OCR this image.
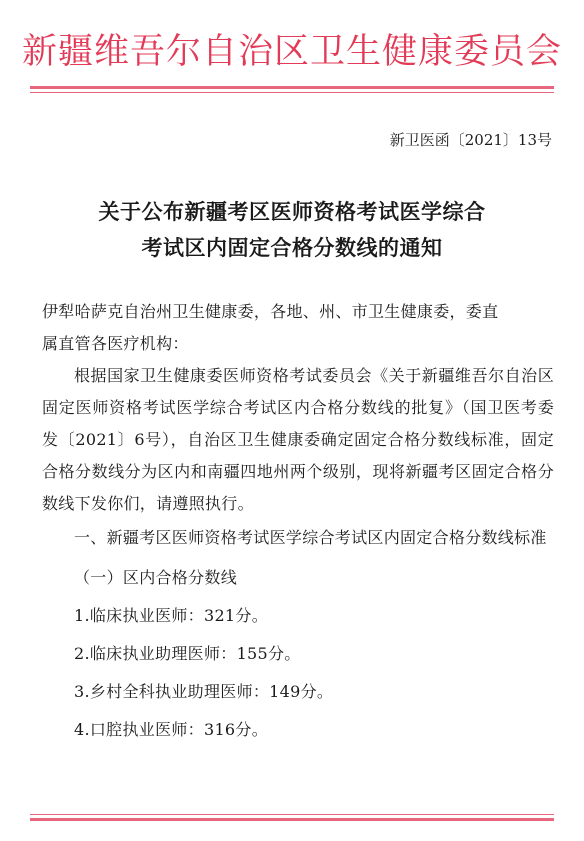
新疆维吾尔自治区卫生健康委员会
新卫医函〔2021〕13号
关于公布新疆考区医师资格考试医学综合
考试区内固定合格分数线的通知

伊犁哈萨克自治州卫生健康委，各地、州、市卫生健康委，委直

属直管各医疗机构：

根据国家卫生健康委医师资格考试委员会《关于新疆维吾尔自治区固定医师资格考试医学综合考试区内合格分数线的批复》（国卫医考委发〔2021〕6号），自治区卫生健康委确定固定合格分数线标准，固定合格分数线分为区内和南疆四地州两个级别，现将新疆考区固定合格分数线下发你们，请遵照执行。

一、新疆考区医师资格考试医学综合考试区内固定合格分数线标准

（一）区内合格分数线

1.临床执业医师：321分。

2.临床执业助理医师：155分。

3.乡村全科执业助理医师：149分。

4.口腔执业医师：316分。
